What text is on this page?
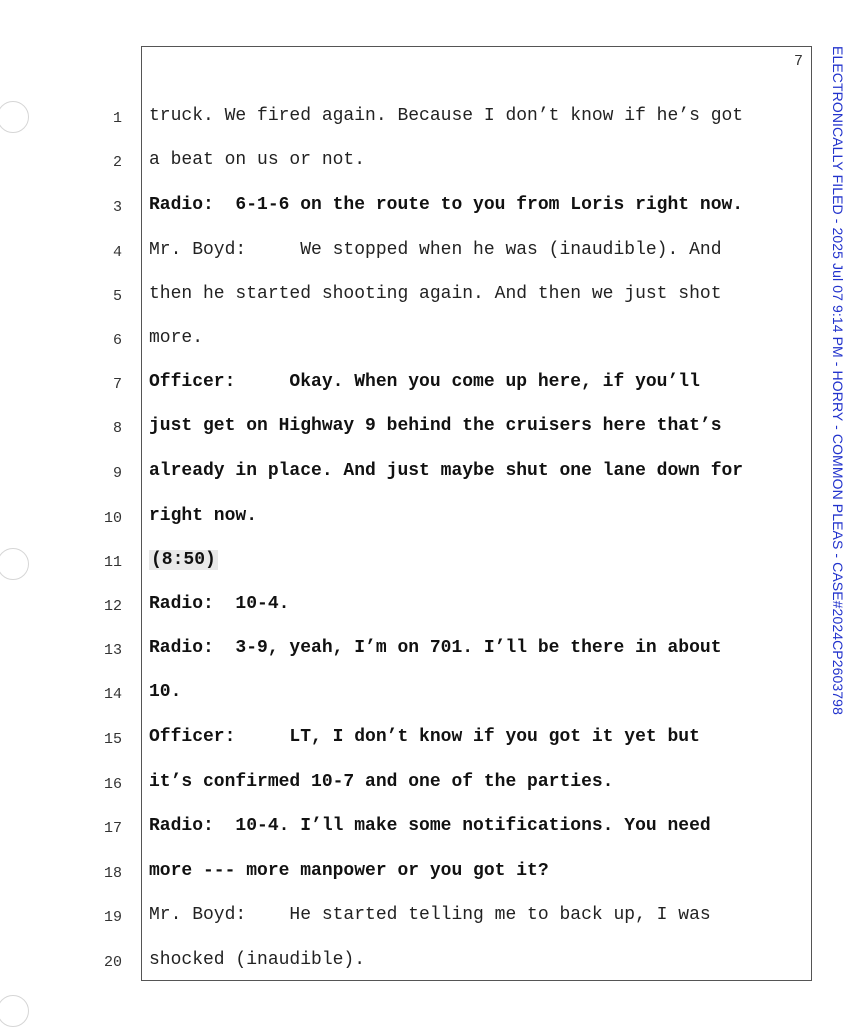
7 ELECTRONICALLY FILED - 2025 Jul 07 9:14 PM - HORRY - COMMON PLEAS - CASE#2024CP2603798
1 truck. We fired again. Because I don’t know if he’s got
2 a beat on us or not.
3 Radio:  6-1-6 on the route to you from Loris right now.
4 Mr. Boyd:     We stopped when he was (inaudible). And
5 then he started shooting again. And then we just shot
6 more.
7 Officer:     Okay. When you come up here, if you’ll
8 just get on Highway 9 behind the cruisers here that’s
9 already in place. And just maybe shut one lane down for
10 right now.
11 (8:50)
12 Radio:  10-4.
13 Radio:  3-9, yeah, I’m on 701. I’ll be there in about
14 10.
15 Officer:     LT, I don’t know if you got it yet but
16 it’s confirmed 10-7 and one of the parties.
17 Radio:  10-4. I’ll make some notifications. You need
18 more --- more manpower or you got it?
19 Mr. Boyd:    He started telling me to back up, I was
20 shocked (inaudible).
